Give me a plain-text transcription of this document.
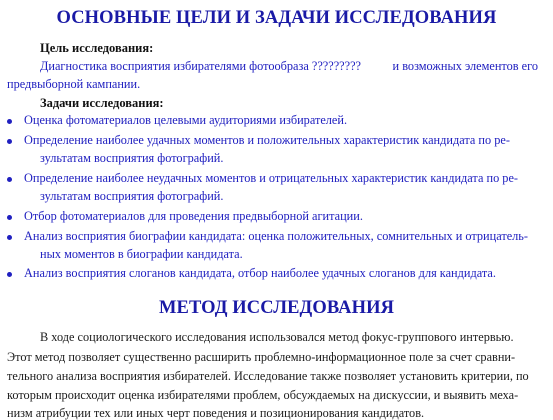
ОСНОВНЫЕ ЦЕЛИ И ЗАДАЧИ ИССЛЕДОВАНИЯ
Цель исследования:
Диагностика восприятия избирателями фотообраза ?????????	и возможных элементов его
предвыборной кампании.
Задачи исследования:
Оценка фотоматериалов целевыми аудиториями избирателей.
Определение наиболее удачных моментов и положительных характеристик кандидата по ре-
зультатам восприятия фотографий.
Определение наиболее неудачных моментов и отрицательных характеристик кандидата по ре-
зультатам восприятия фотографий.
Отбор фотоматериалов для проведения предвыборной агитации.
Анализ восприятия биографии кандидата: оценка положительных, сомнительных и отрицатель-
ных моментов в биографии кандидата.
Анализ восприятия слоганов кандидата, отбор наиболее удачных слоганов для кандидата.
МЕТОД ИССЛЕДОВАНИЯ
В ходе социологического исследования использовался метод фокус-группового интервью.
Этот метод позволяет существенно расширить проблемно-информационное поле за счет сравни-
тельного анализа восприятия избирателей. Исследование также позволяет установить критерии, по
которым происходит оценка избирателями проблем, обсуждаемых на дискуссии, и выявить меха-
низм атрибуции тех или иных черт поведения и позиционирования кандидатов.
